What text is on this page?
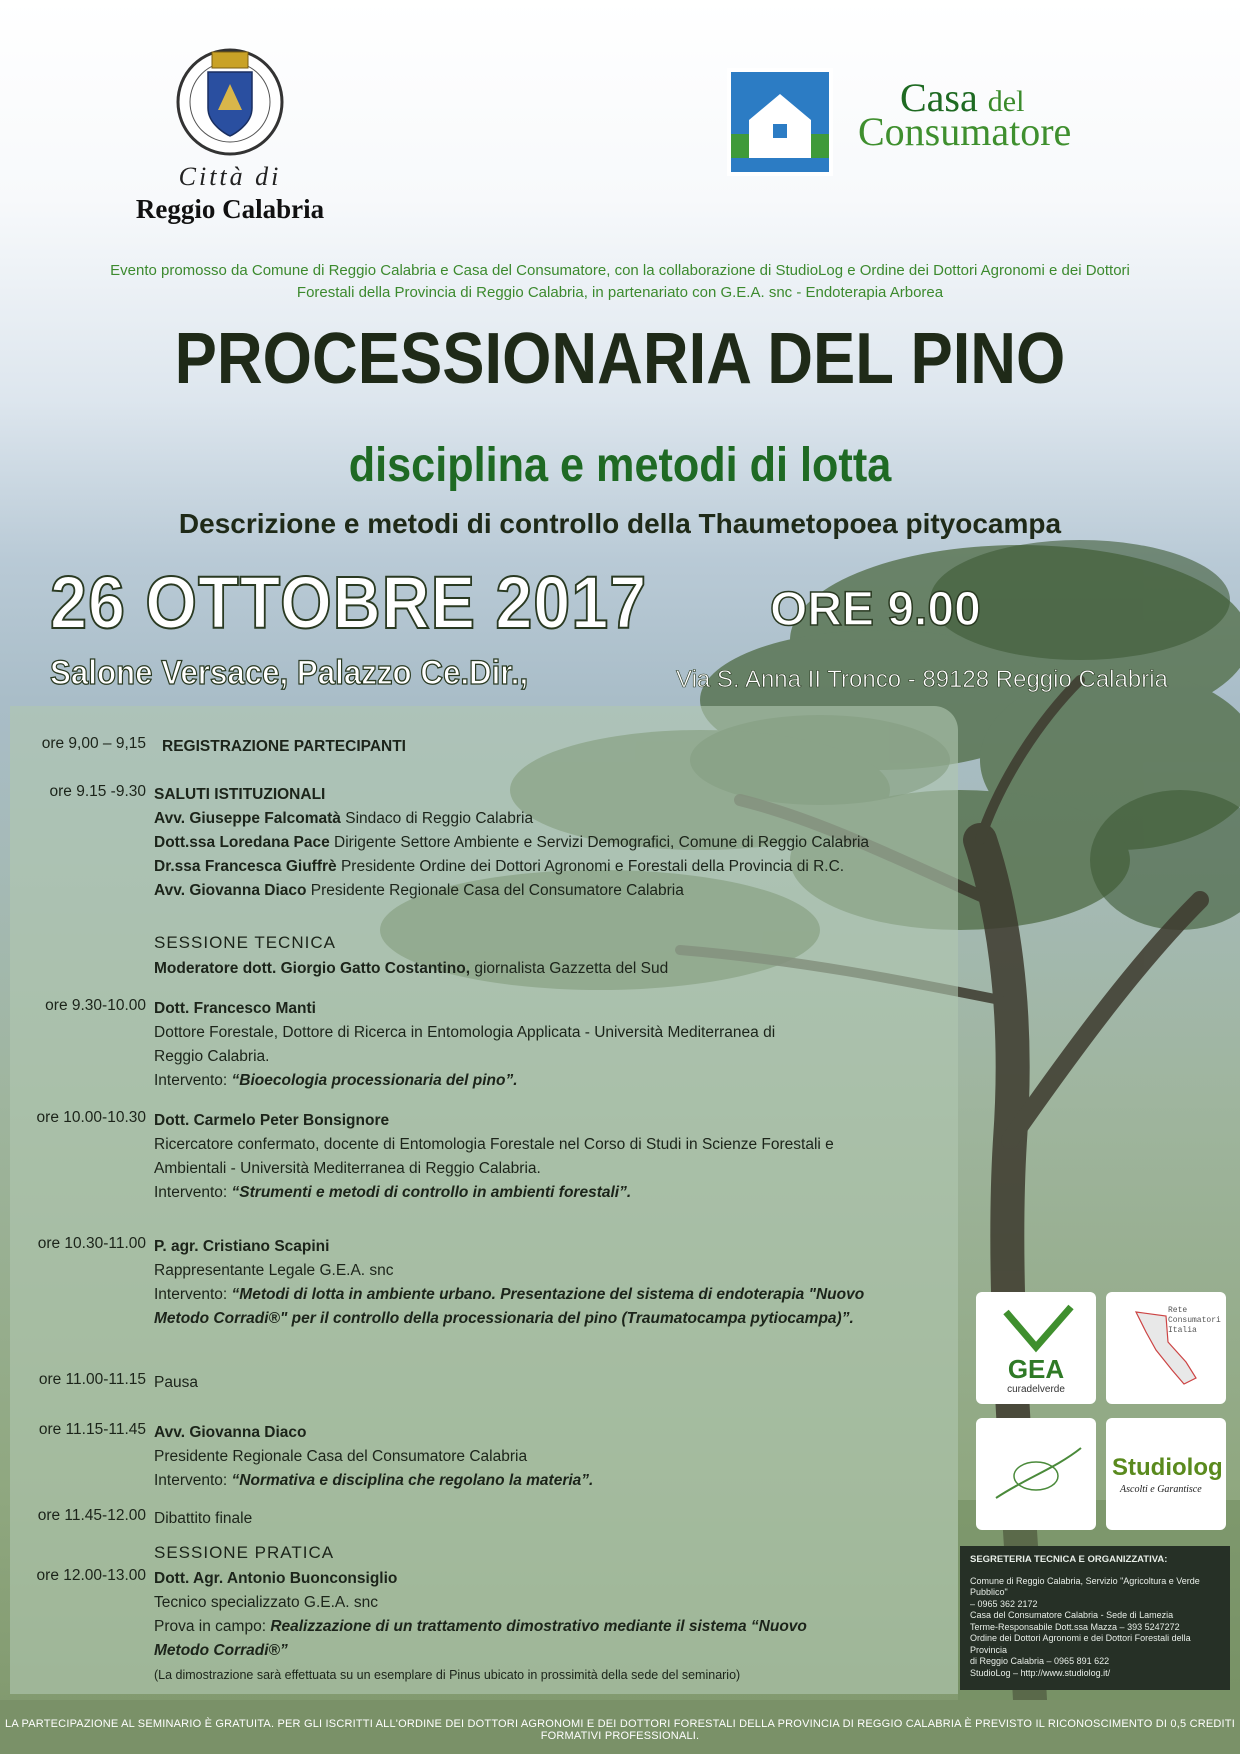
Città di
Reggio Calabria
Casa del
Consumatore
Evento promosso da Comune di Reggio Calabria e Casa del Consumatore, con la collaborazione di StudioLog e Ordine dei Dottori Agronomi e dei Dottori Forestali della Provincia di Reggio Calabria, in partenariato con G.E.A. snc - Endoterapia Arborea
PROCESSIONARIA DEL PINO
disciplina e metodi di lotta
Descrizione e metodi di controllo della Thaumetopoea pityocampa
26 OTTOBRE 2017	ORE 9.00
Salone Versace, Palazzo Ce.Dir.,	Via S. Anna II Tronco - 89128 Reggio Calabria
ore 9,00 – 9,15 REGISTRAZIONE PARTECIPANTI
ore 9.15 -9.30 SALUTI ISTITUZIONALI
Avv. Giuseppe Falcomatà Sindaco di Reggio Calabria
Dott.ssa Loredana Pace Dirigente Settore Ambiente e Servizi Demografici, Comune di Reggio Calabria
Dr.ssa Francesca Giuffrè Presidente Ordine dei Dottori Agronomi e Forestali della Provincia di R.C.
Avv. Giovanna Diaco Presidente Regionale Casa del Consumatore Calabria
SESSIONE TECNICA
Moderatore dott. Giorgio Gatto Costantino, giornalista Gazzetta del Sud
ore 9.30-10.00 Dott. Francesco Manti
Dottore Forestale, Dottore di Ricerca in Entomologia Applicata - Università Mediterranea di
Reggio Calabria.
Intervento: “Bioecologia processionaria del pino”.
ore 10.00-10.30 Dott. Carmelo Peter Bonsignore
Ricercatore confermato, docente di Entomologia Forestale nel Corso di Studi in Scienze Forestali e
Ambientali - Università Mediterranea di Reggio Calabria.
Intervento: “Strumenti e metodi di controllo in ambienti forestali”.
ore 10.30-11.00 P. agr. Cristiano Scapini
Rappresentante Legale G.E.A. snc
Intervento: “Metodi di lotta in ambiente urbano. Presentazione del sistema di endoterapia "Nuovo
Metodo Corradi®" per il controllo della processionaria del pino (Traumatocampa pytiocampa)”.
ore 11.00-11.15 Pausa
ore 11.15-11.45 Avv. Giovanna Diaco
Presidente Regionale Casa del Consumatore Calabria
Intervento: “Normativa e disciplina che regolano la materia”.
ore 11.45-12.00 Dibattito finale
SESSIONE PRATICA
ore 12.00-13.00 Dott. Agr. Antonio Buonconsiglio
Tecnico specializzato G.E.A. snc
Prova in campo: Realizzazione di un trattamento dimostrativo mediante il sistema “Nuovo
Metodo Corradi®”
(La dimostrazione sarà effettuata su un esemplare di Pinus ubicato in prossimità della sede del seminario)
GEA
curadelverde
Rete
Consumatori
Italia
Studiolog
Ascolti e Garantisce
SEGRETERIA TECNICA E ORGANIZZATIVA:
Comune di Reggio Calabria, Servizio "Agricoltura e Verde Pubblico"
– 0965 362 2172
Casa del Consumatore Calabria - Sede di Lamezia
Terme-Responsabile Dott.ssa Mazza – 393 5247272
Ordine dei Dottori Agronomi e dei Dottori Forestali della Provincia
di Reggio Calabria – 0965 891 622
StudioLog – http://www.studiolog.it/
LA PARTECIPAZIONE AL SEMINARIO È GRATUITA. PER GLI ISCRITTI ALL'ORDINE DEI DOTTORI AGRONOMI E DEI DOTTORI FORESTALI DELLA PROVINCIA DI REGGIO CALABRIA È PREVISTO IL RICONOSCIMENTO DI 0,5 CREDITI FORMATIVI PROFESSIONALI.
